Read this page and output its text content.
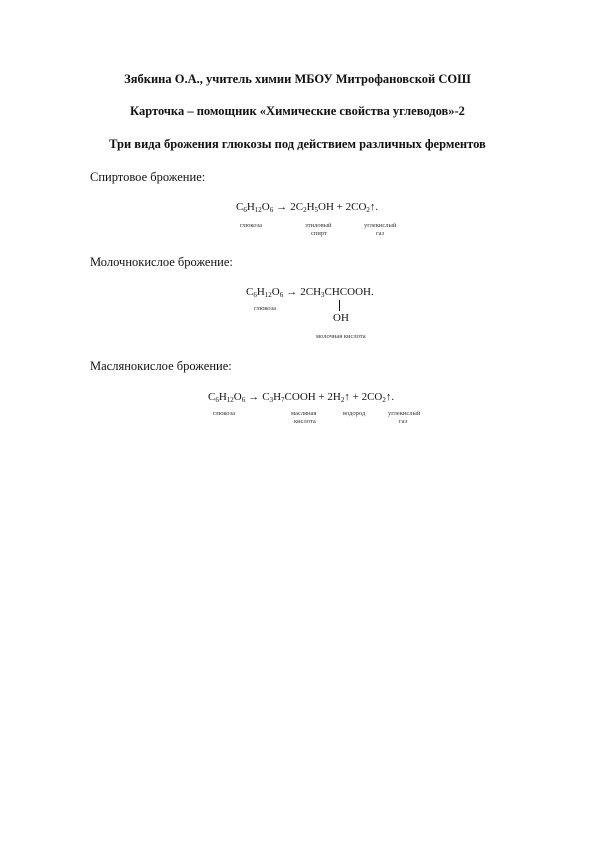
Зябкина О.А., учитель химии МБОУ Митрофановской СОШ
Карточка – помощник «Химические свойства углеводов»-2
Три вида брожения глюкозы под действием различных ферментов
Спиртовое брожение:
$C_6H_{12}O_6 \to 2C_2H_5OH$ + $2CO_2↑$.
глюкоза	этиловый
спирт
углекислый
газ
Молочнокислое брожение:
$C_6H_{12}O_6$ → $2CH_3CHCOOH$.
OH
глюкоза
молочная кислота
Маслянокислое брожение:
$C_6H_{12}O_6$ → $C_3H_7COOH$ + $2H_2↑$ + $2CO_2↑$.
глюкоза	масляная
кислота
водород	углекислый
газ
